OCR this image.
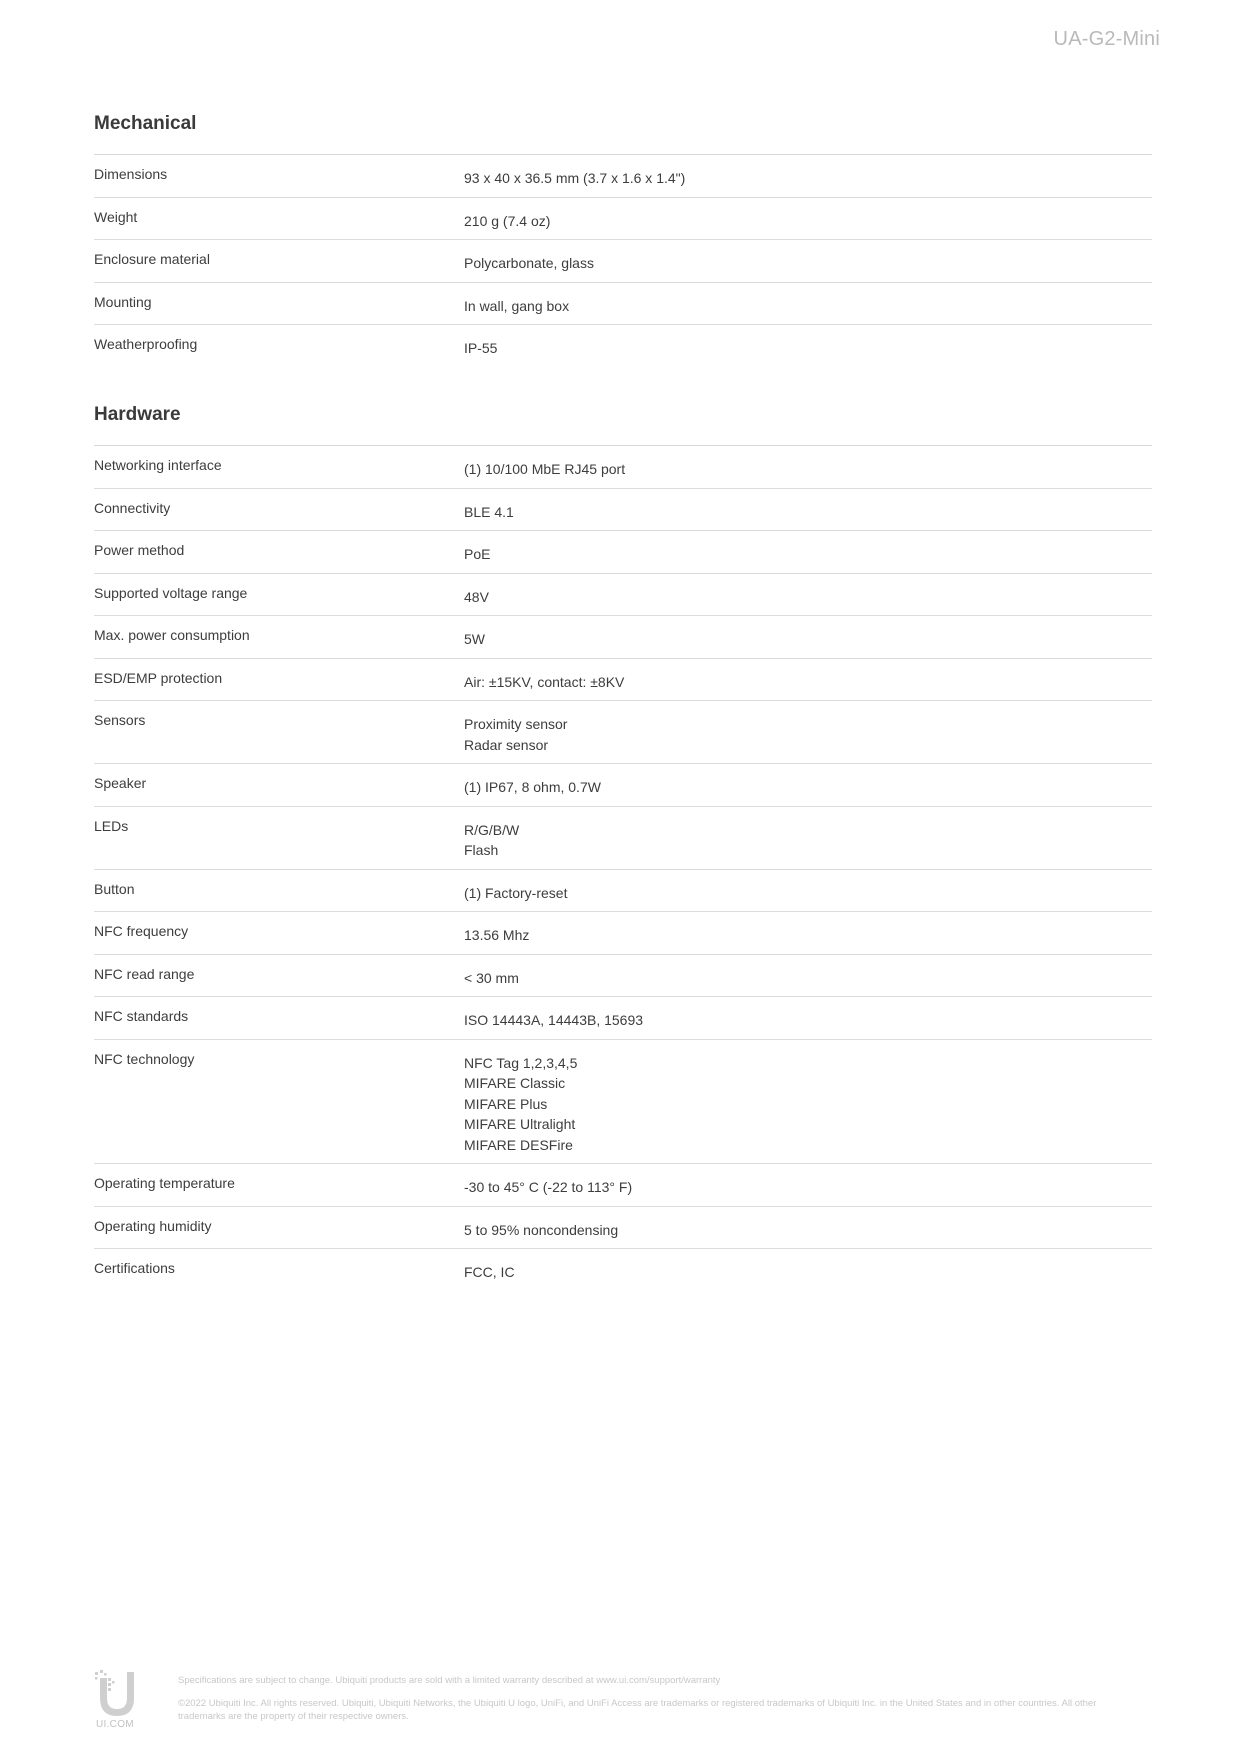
UA-G2-Mini
Mechanical
Dimensions	93 x 40 x 36.5 mm (3.7 x 1.6 x 1.4")
Weight	210 g (7.4 oz)
Enclosure material	Polycarbonate, glass
Mounting	In wall, gang box
Weatherproofing	IP-55
Hardware
Networking interface	(1) 10/100 MbE RJ45 port
Connectivity	BLE 4.1
Power method	PoE
Supported voltage range	48V
Max. power consumption	5W
ESD/EMP protection	Air: ±15KV, contact: ±8KV
Sensors	Proximity sensor
Radar sensor
Speaker	(1) IP67, 8 ohm, 0.7W
LEDs	R/G/B/W
Flash
Button	(1) Factory-reset
NFC frequency	13.56 Mhz
NFC read range	< 30 mm
NFC standards	ISO 14443A, 14443B, 15693
NFC technology	NFC Tag 1,2,3,4,5
MIFARE Classic
MIFARE Plus
MIFARE Ultralight
MIFARE DESFire
Operating temperature	-30 to 45° C (-22 to 113° F)
Operating humidity	5 to 95% noncondensing
Certifications	FCC, IC
UI.COM

Specifications are subject to change. Ubiquiti products are sold with a limited warranty described at www.ui.com/support/warranty

©2022 Ubiquiti Inc. All rights reserved. Ubiquiti, Ubiquiti Networks, the Ubiquiti U logo, UniFi, and UniFi Access are trademarks or registered trademarks of Ubiquiti Inc. in the United States and in other countries. All other trademarks are the property of their respective owners.
